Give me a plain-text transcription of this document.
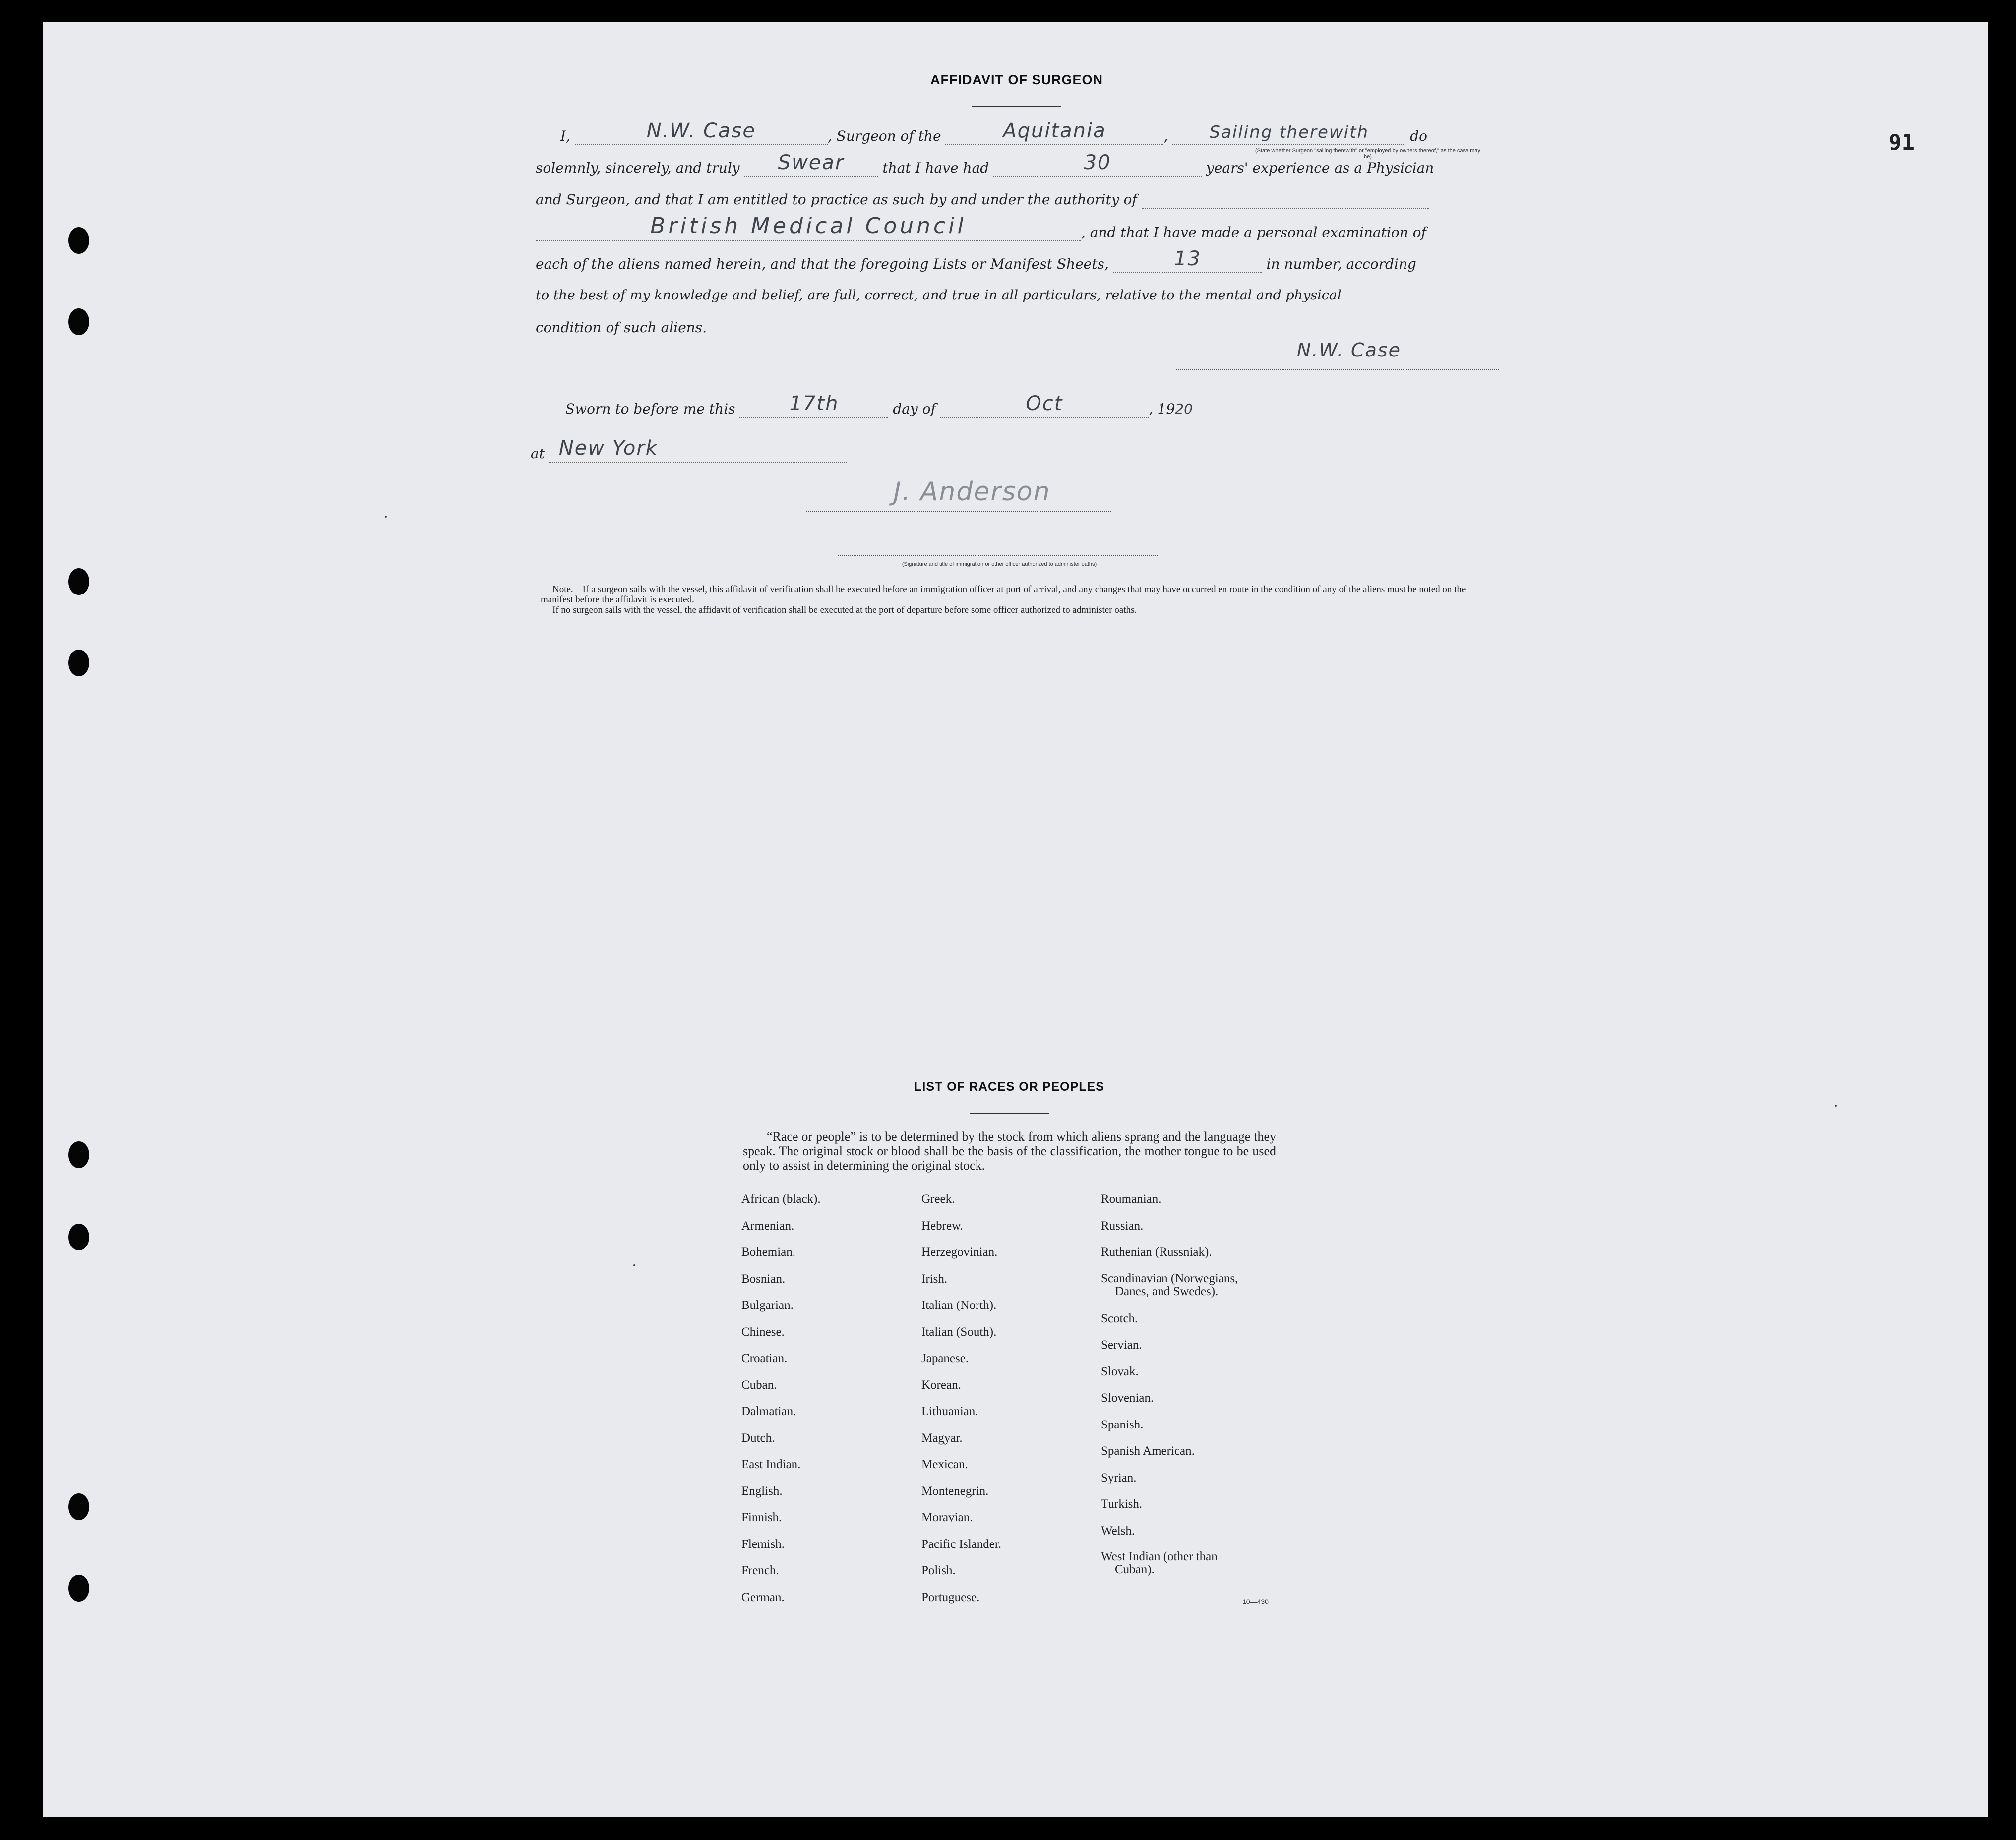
91
AFFIDAVIT OF SURGEON
I,	N.W. Case	, Surgeon of the	Aquitania	,	Sailing therewith	do
(State whether Surgeon "sailing therewith" or "employed by owners thereof," as the case may be)
solemnly, sincerely, and truly	Swear	that I have had	30	years' experience as a Physician
and Surgeon, and that I am entitled to practice as such by and under the authority of
British Medical Council	, and that I have made a personal examination of
each of the aliens named herein, and that the foregoing Lists or Manifest Sheets,	13	in number, according
to the best of my knowledge and belief, are full, correct, and true in all particulars, relative to the mental and physical
condition of such aliens.
N.W. Case
Sworn to before me this	17th	day of	Oct	, 1920
at New York

J. Anderson
(Signature and title of immigration or other officer authorized to administer oaths)
Note.—If a surgeon sails with the vessel, this affidavit of verification shall be executed before an immigration officer at port of arrival, and any changes that may have occurred en route in the condition of any of the aliens must be noted on the manifest before the affidavit is executed.
If no surgeon sails with the vessel, the affidavit of verification shall be executed at the port of departure before some officer authorized to administer oaths.
LIST OF RACES OR PEOPLES
“Race or people” is to be determined by the stock from which aliens sprang and the language they speak. The original stock or blood shall be the basis of the classification, the mother tongue to be used only to assist in determining the original stock.
African (black).
Armenian.
Bohemian.
Bosnian.
Bulgarian.
Chinese.
Croatian.
Cuban.
Dalmatian.
Dutch.
East Indian.
English.
Finnish.
Flemish.
French.
German.
Greek.
Hebrew.
Herzegovinian.
Irish.
Italian (North).
Italian (South).
Japanese.
Korean.
Lithuanian.
Magyar.
Mexican.
Montenegrin.
Moravian.
Pacific Islander.
Polish.
Portuguese.
Roumanian.
Russian.
Ruthenian (Russniak).
Scandinavian (Norwegians,
Danes, and Swedes).
Scotch.
Servian.
Slovak.
Slovenian.
Spanish.
Spanish American.
Syrian.
Turkish.
Welsh.
West Indian (other than
Cuban).
10—430
